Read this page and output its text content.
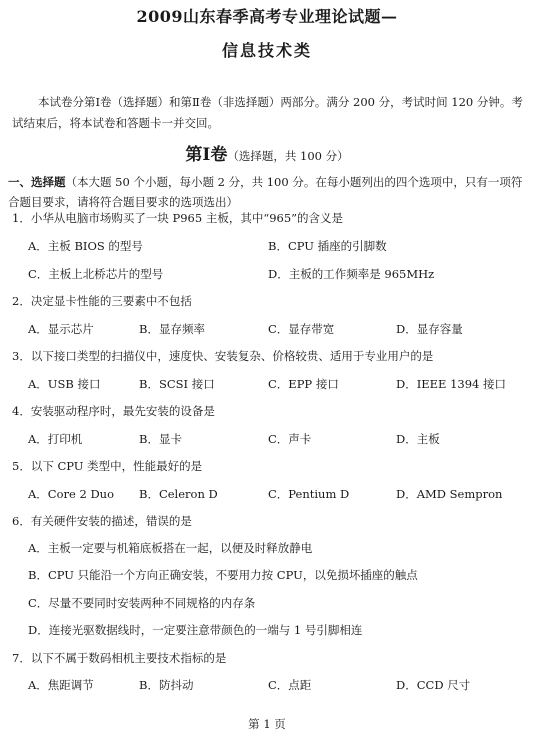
2009山东春季高考专业理论试题—
信息技术类
本试卷分第Ⅰ卷（选择题）和第Ⅱ卷（非选择题）两部分。满分 200 分，考试时间 120 分钟。考试结束后，将本试卷和答题卡一并交回。
第Ⅰ卷（选择题，共 100 分）
一、选择题（本大题 50 个小题，每小题 2 分，共 100 分。在每小题列出的四个选项中，只有一项符合题目要求，请将符合题目要求的选项选出）
1．小华从电脑市场购买了一块 P965 主板，其中“965”的含义是
A．主板 BIOS 的型号	B．CPU 插座的引脚数
C．主板上北桥芯片的型号	D．主板的工作频率是 965MHz
2．决定显卡性能的三要素中不包括
A．显示芯片	B．显存频率	C．显存带宽	D．显存容量
3．以下接口类型的扫描仪中，速度快、安装复杂、价格较贵、适用于专业用户的是
A．USB 接口	B．SCSI 接口	C．EPP 接口	D．IEEE 1394 接口
4．安装驱动程序时，最先安装的设备是
A．打印机	B．显卡	C．声卡	D．主板
5．以下 CPU 类型中，性能最好的是
A．Core 2 Duo B．Celeron D	C．Pentium D	D．AMD Sempron
6．有关硬件安装的描述，错误的是
A．主板一定要与机箱底板搭在一起，以便及时释放静电
B．CPU 只能沿一个方向正确安装，不要用力按 CPU，以免损坏插座的触点
C．尽量不要同时安装两种不同规格的内存条
D．连接光驱数据线时，一定要注意带颜色的一端与 1 号引脚相连
7．以下不属于数码相机主要技术指标的是
A．焦距调节	B．防抖动	C．点距	D．CCD 尺寸
第 1 页
